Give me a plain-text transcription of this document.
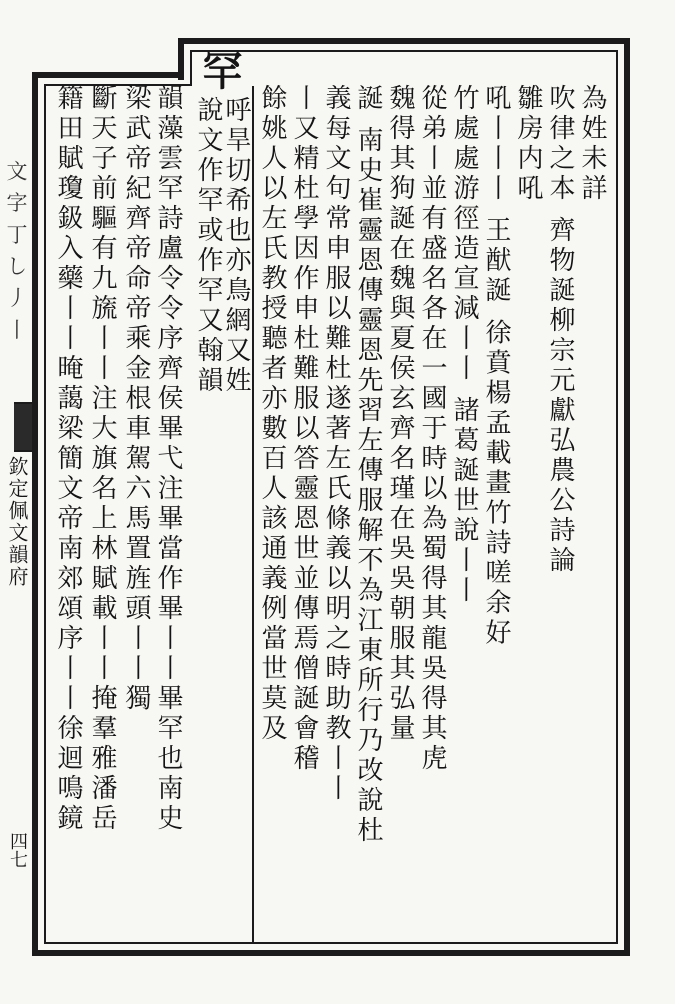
文 字 丁 し 丿 丨
欽定佩文韻府
四七
為姓未詳
吹律之本 齊物誕柳宗元獻弘農公詩論
雛房内吼
吼丨丨丨 王猷誕 徐賁楊孟載畫竹詩嗟余好
竹處處游徑造宣減丨丨 諸葛誕世說丨丨
從弟丨並有盛名各在一國于時以為蜀得其龍吳得其虎
魏得其狗誕在魏與夏侯玄齊名瑾在吳吳朝服其弘量
誕 南史崔靈恩傳靈恩先習左傳服解不為江東所行乃改說杜
義每文句常申服以難杜遂著左氏條義以明之時助教丨丨
丨又精杜學因作申杜難服以答靈恩世並傳焉僧誕會稽
餘姚人以左氏教授聽者亦數百人該通義例當世莫及
罕
呼旱切希也亦鳥網又姓
說文作罕或作罕又翰韻
韻藻雲罕詩盧令令序齊侯畢弋注畢當作畢丨丨畢罕也南史
梁武帝紀齊帝命帝乘金根車駕六馬置旌頭丨丨獨
斷天子前驅有九旒丨丨注大旗名上林賦載丨丨掩羣雅潘岳
籍田賦瓊鈒入藥丨丨晻藹梁簡文帝南郊頌序丨丨徐迴鳴鏡
